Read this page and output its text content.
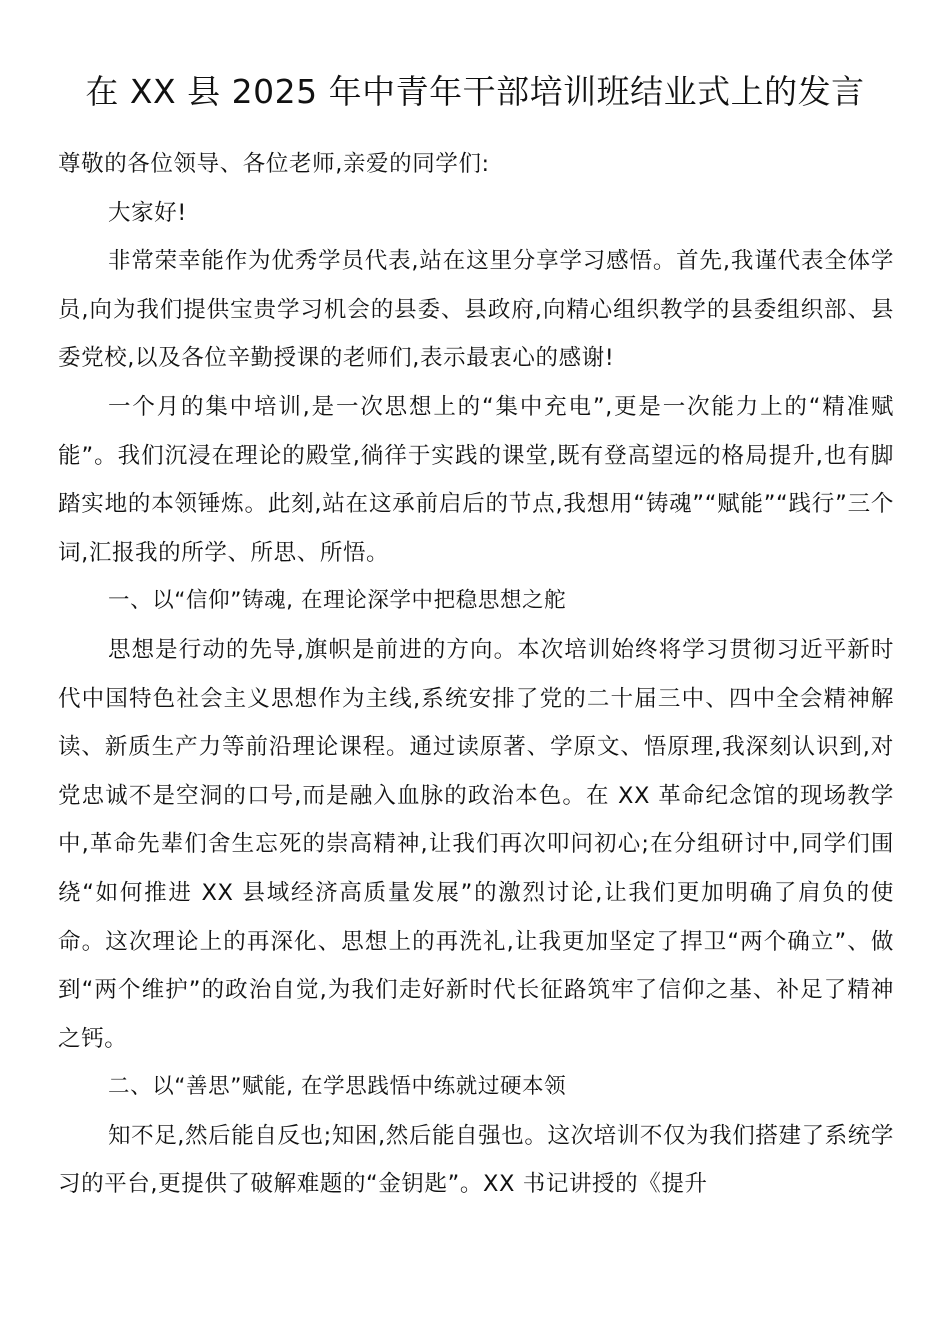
在 XX 县 2025 年中青年干部培训班结业式上的发言

尊敬的各位领导、各位老师,亲爱的同学们:

大家好!

非常荣幸能作为优秀学员代表,站在这里分享学习感悟。首先,我谨代表全体学员,向为我们提供宝贵学习机会的县委、县政府,向精心组织教学的县委组织部、县委党校,以及各位辛勤授课的老师们,表示最衷心的感谢!

一个月的集中培训,是一次思想上的“集中充电”,更是一次能力上的“精准赋能”。我们沉浸在理论的殿堂,徜徉于实践的课堂,既有登高望远的格局提升,也有脚踏实地的本领锤炼。此刻,站在这承前启后的节点,我想用“铸魂”“赋能”“践行”三个词,汇报我的所学、所思、所悟。

一、以“信仰”铸魂, 在理论深学中把稳思想之舵

思想是行动的先导,旗帜是前进的方向。本次培训始终将学习贯彻习近平新时代中国特色社会主义思想作为主线,系统安排了党的二十届三中、四中全会精神解读、新质生产力等前沿理论课程。通过读原著、学原文、悟原理,我深刻认识到,对党忠诚不是空洞的口号,而是融入血脉的政治本色。在 XX 革命纪念馆的现场教学中,革命先辈们舍生忘死的崇高精神,让我们再次叩问初心;在分组研讨中,同学们围绕“如何推进 XX 县域经济高质量发展”的激烈讨论,让我们更加明确了肩负的使命。这次理论上的再深化、思想上的再洗礼,让我更加坚定了捍卫“两个确立”、做到“两个维护”的政治自觉,为我们走好新时代长征路筑牢了信仰之基、补足了精神之钙。

二、以“善思”赋能, 在学思践悟中练就过硬本领

知不足,然后能自反也;知困,然后能自强也。这次培训不仅为我们搭建了系统学习的平台,更提供了破解难题的“金钥匙”。XX 书记讲授的《提升
